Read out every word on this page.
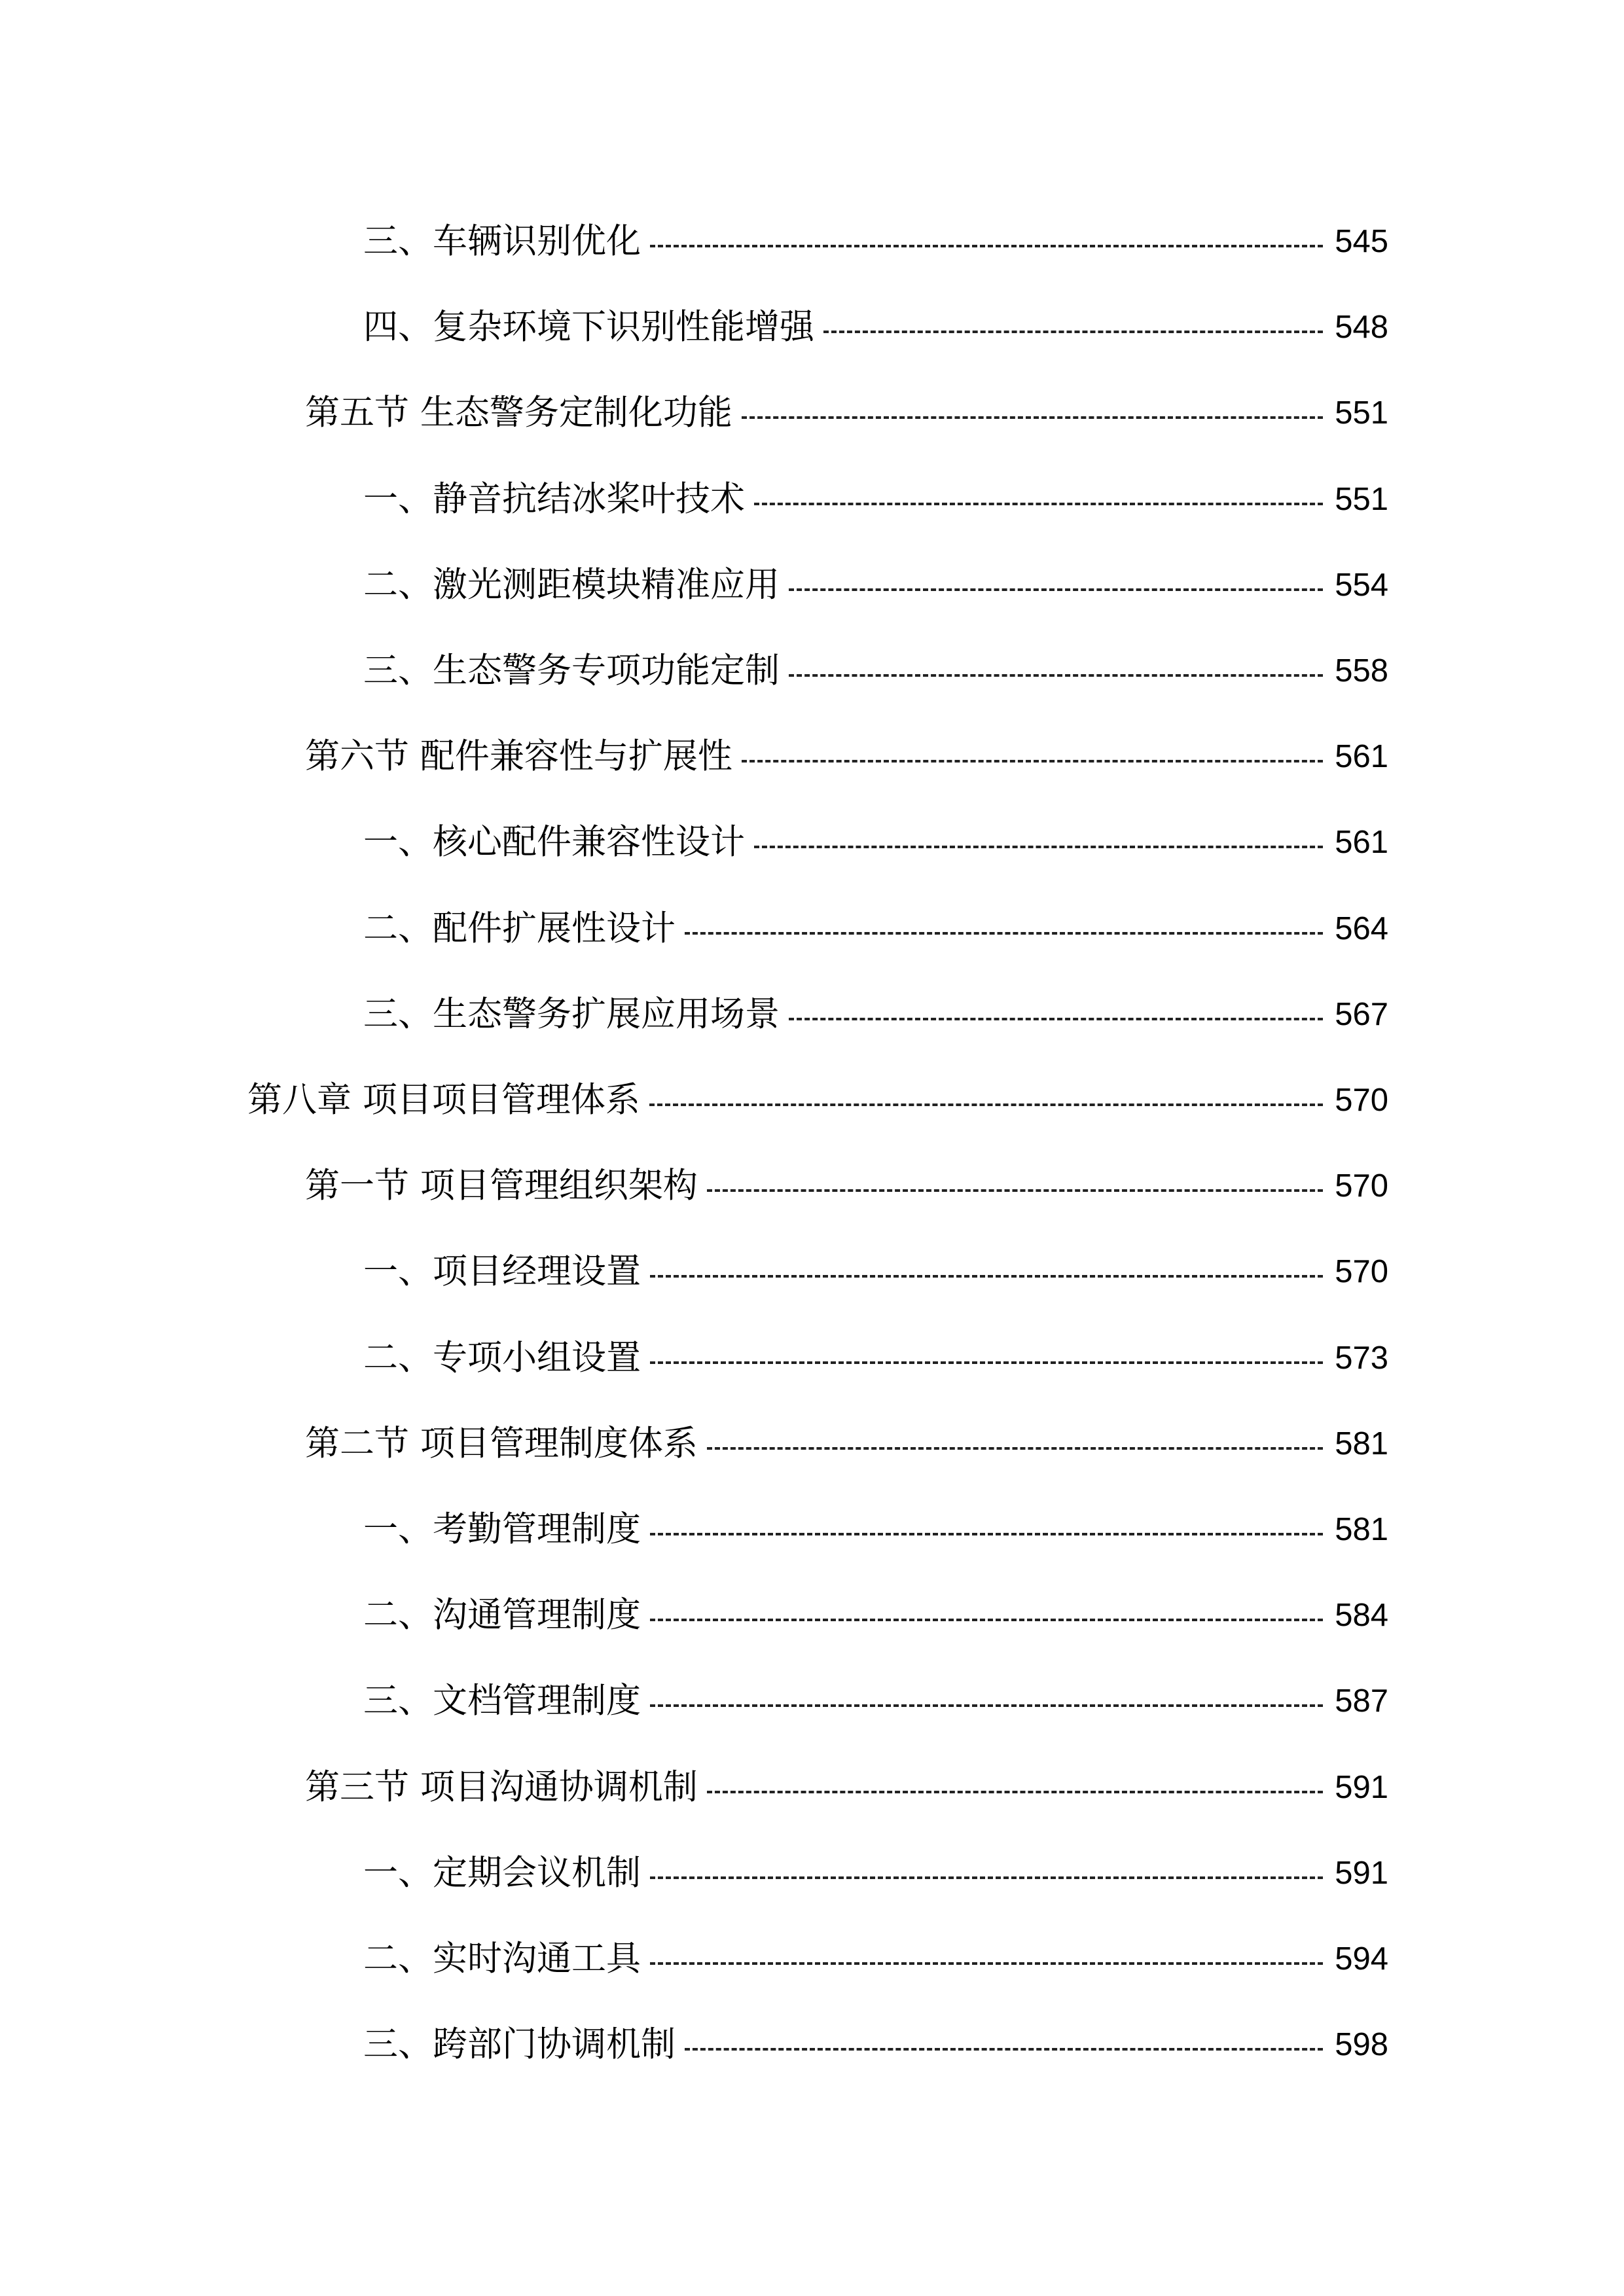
三、车辆识别优化	545
四、复杂环境下识别性能增强	548
第五节 生态警务定制化功能	551
一、静音抗结冰桨叶技术	551
二、激光测距模块精准应用	554
三、生态警务专项功能定制	558
第六节 配件兼容性与扩展性	561
一、核心配件兼容性设计	561
二、配件扩展性设计	564
三、生态警务扩展应用场景	567
第八章 项目项目管理体系	570
第一节 项目管理组织架构	570
一、项目经理设置	570
二、专项小组设置	573
第二节 项目管理制度体系	581
一、考勤管理制度	581
二、沟通管理制度	584
三、文档管理制度	587
第三节 项目沟通协调机制	591
一、定期会议机制	591
二、实时沟通工具	594
三、跨部门协调机制	598
